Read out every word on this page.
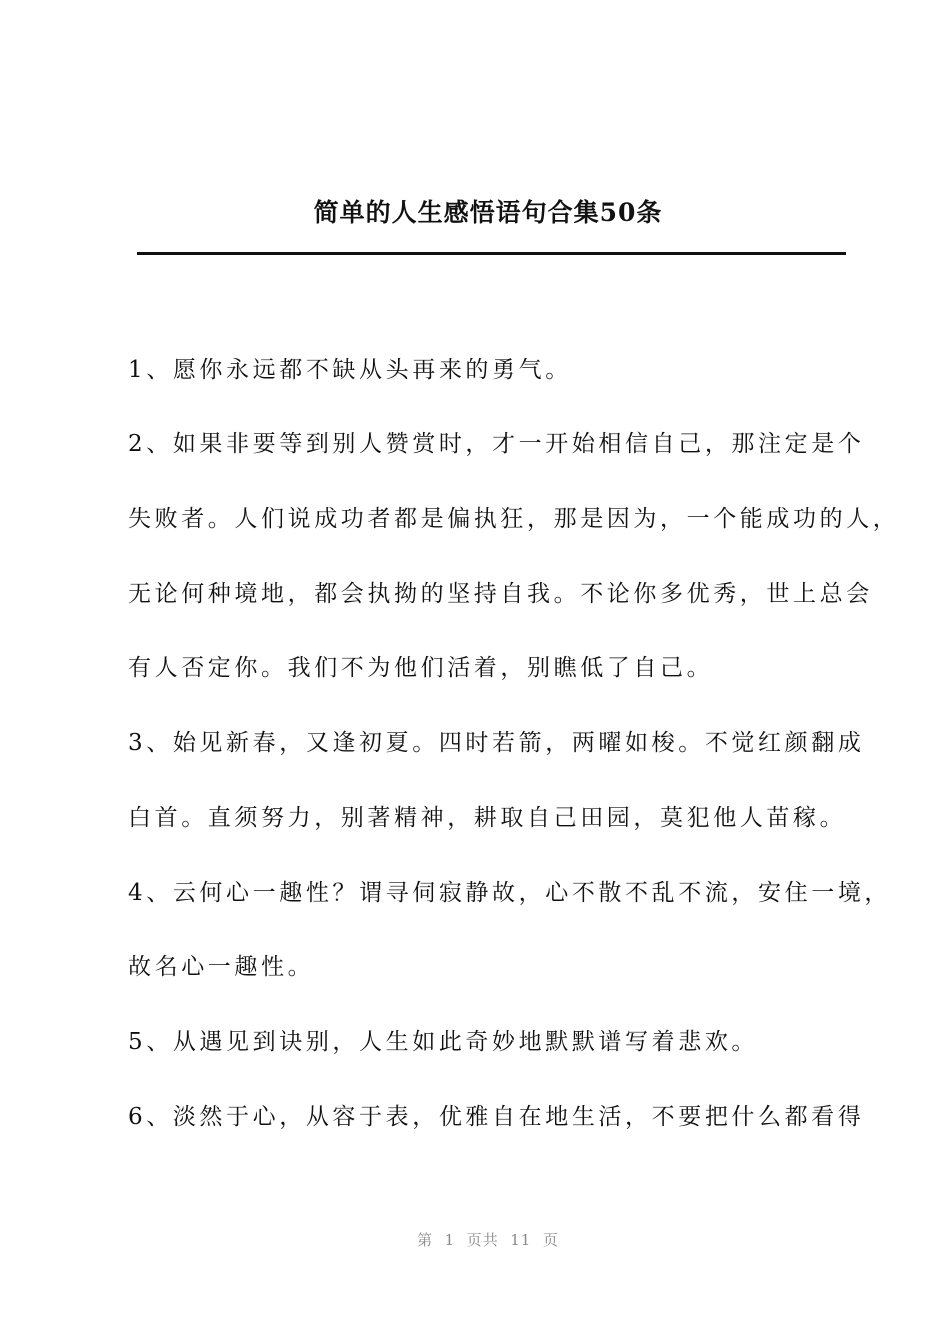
简单的人生感悟语句合集50条
1、愿你永远都不缺从头再来的勇气。
2、如果非要等到别人赞赏时，才一开始相信自己，那注定是个
失败者。人们说成功者都是偏执狂，那是因为，一个能成功的人，
无论何种境地，都会执拗的坚持自我。不论你多优秀，世上总会
有人否定你。我们不为他们活着，别瞧低了自己。
3、始见新春，又逢初夏。四时若箭，两曜如梭。不觉红颜翻成
白首。直须努力，别著精神，耕取自己田园，莫犯他人苗稼。
4、云何心一趣性？谓寻伺寂静故，心不散不乱不流，安住一境，
故名心一趣性。
5、从遇见到诀别，人生如此奇妙地默默谱写着悲欢。
6、淡然于心，从容于表，优雅自在地生活，不要把什么都看得
第  1  页共  11  页
